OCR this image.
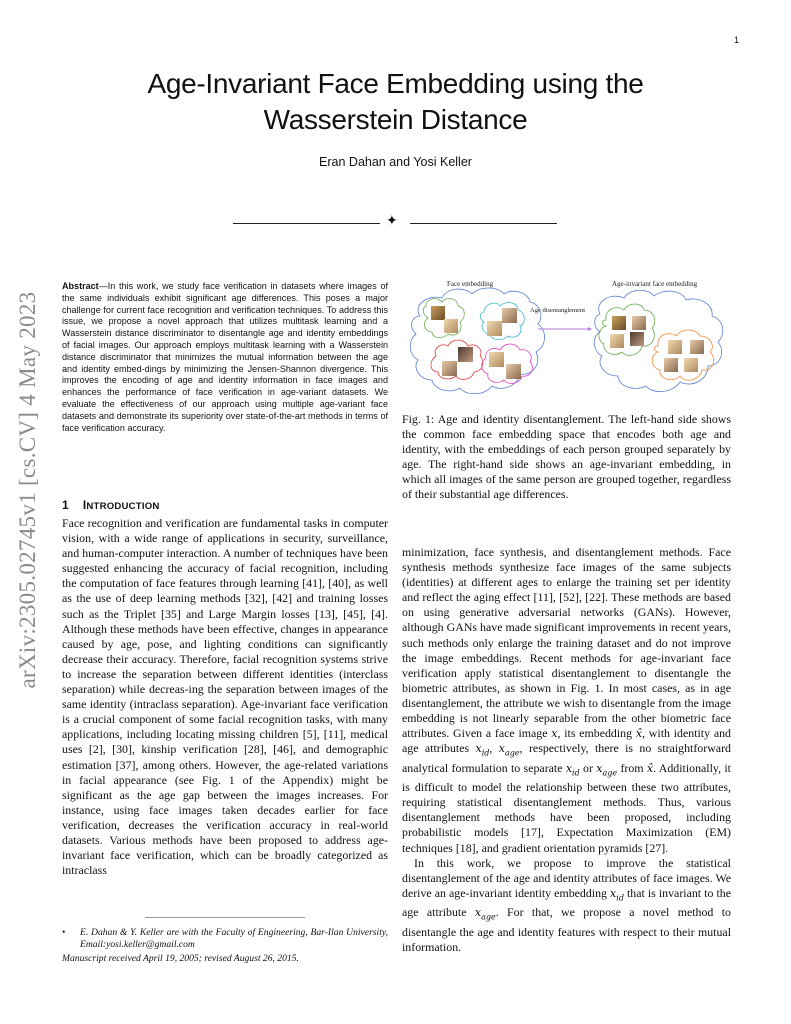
1
arXiv:2305.02745v1 [cs.CV] 4 May 2023
Age-Invariant Face Embedding using the
Wasserstein Distance
Eran Dahan and Yosi Keller
✦
Abstract—In this work, we study face verification in datasets where images of the same individuals exhibit significant age differences. This poses a major challenge for current face recognition and verification techniques. To address this issue, we propose a novel approach that utilizes multitask learning and a Wasserstein distance discriminator to disentangle age and identity embeddings of facial images. Our approach employs multitask learning with a Wasserstein distance discriminator that minimizes the mutual information between the age and identity embed-dings by minimizing the Jensen-Shannon divergence. This improves the encoding of age and identity information in face images and enhances the performance of face verification in age-variant datasets. We evaluate the effectiveness of our approach using multiple age-variant face datasets and demonstrate its superiority over state-of-the-art methods in terms of face verification accuracy.
Face embedding	Age-invariant face embedding
Age disentanglement
Fig. 1: Age and identity disentanglement. The left-hand side shows the common face embedding space that encodes both age and identity, with the embeddings of each person grouped separately by age. The right-hand side shows an age-invariant embedding, in which all images of the same person are grouped together, regardless of their substantial age differences.
1 INTRODUCTION

Face recognition and verification are fundamental tasks in computer vision, with a wide range of applications in security, surveillance, and human-computer interaction. A number of techniques have been suggested enhancing the accuracy of facial recognition, including the computation of face features through learning [41], [40], as well as the use of deep learning methods [32], [42] and training losses such as the Triplet [35] and Large Margin losses [13], [45], [4]. Although these methods have been effective, changes in appearance caused by age, pose, and lighting conditions can significantly decrease their accuracy. Therefore, facial recognition systems strive to increase the separation between different identities (interclass separation) while decreas-ing the separation between images of the same identity (intraclass separation). Age-invariant face verification is a crucial component of some facial recognition tasks, with many applications, including locating missing children [5], [11], medical uses [2], [30], kinship verification [28], [46], and demographic estimation [37], among others. However, the age-related variations in facial appearance (see Fig. 1 of the Appendix) might be significant as the age gap between the images increases. For instance, using face images taken decades earlier for face verification, decreases the verification accuracy in real-world datasets. Various methods have been proposed to address age-invariant face verification, which can be broadly categorized as intraclass

minimization, face synthesis, and disentanglement methods. Face synthesis methods synthesize face images of the same subjects (identities) at different ages to enlarge the training set per identity and reflect the aging effect [11], [52], [22]. These methods are based on using generative adversarial networks (GANs). However, although GANs have made significant improvements in recent years, such methods only enlarge the training dataset and do not improve the image embeddings. Recent methods for age-invariant face verification apply statistical disentanglement to disentangle the biometric attributes, as shown in Fig. 1. In most cases, as in age disentanglement, the attribute we wish to disentangle from the image embedding is not linearly separable from the other biometric face attributes. Given a face image x, its embedding x̂, with identity and age attributes $x_{id}$, $x_{age}$, respectively, there is no straightforward analytical formulation to separate $x_{id}$ or $x_{age}$ from x̂. Additionally, it is difficult to model the relationship between these two attributes, requiring statistical disentanglement methods. Thus, various disentanglement methods have been proposed, including probabilistic models [17], Expectation Maximization (EM) techniques [18], and gradient orientation pyramids [27].

In this work, we propose to improve the statistical disentanglement of the age and identity attributes of face images. We derive an age-invariant identity embedding $x_{id}$ that is invariant to the age attribute $x_{age}$. For that, we propose a novel method to disentangle the age and identity features with respect to their mutual information.

• E. Dahan & Y. Keller are with the Faculty of Engineering, Bar-Ilan University, Email:yosi.keller@gmail.com
Manuscript received April 19, 2005; revised August 26, 2015.
